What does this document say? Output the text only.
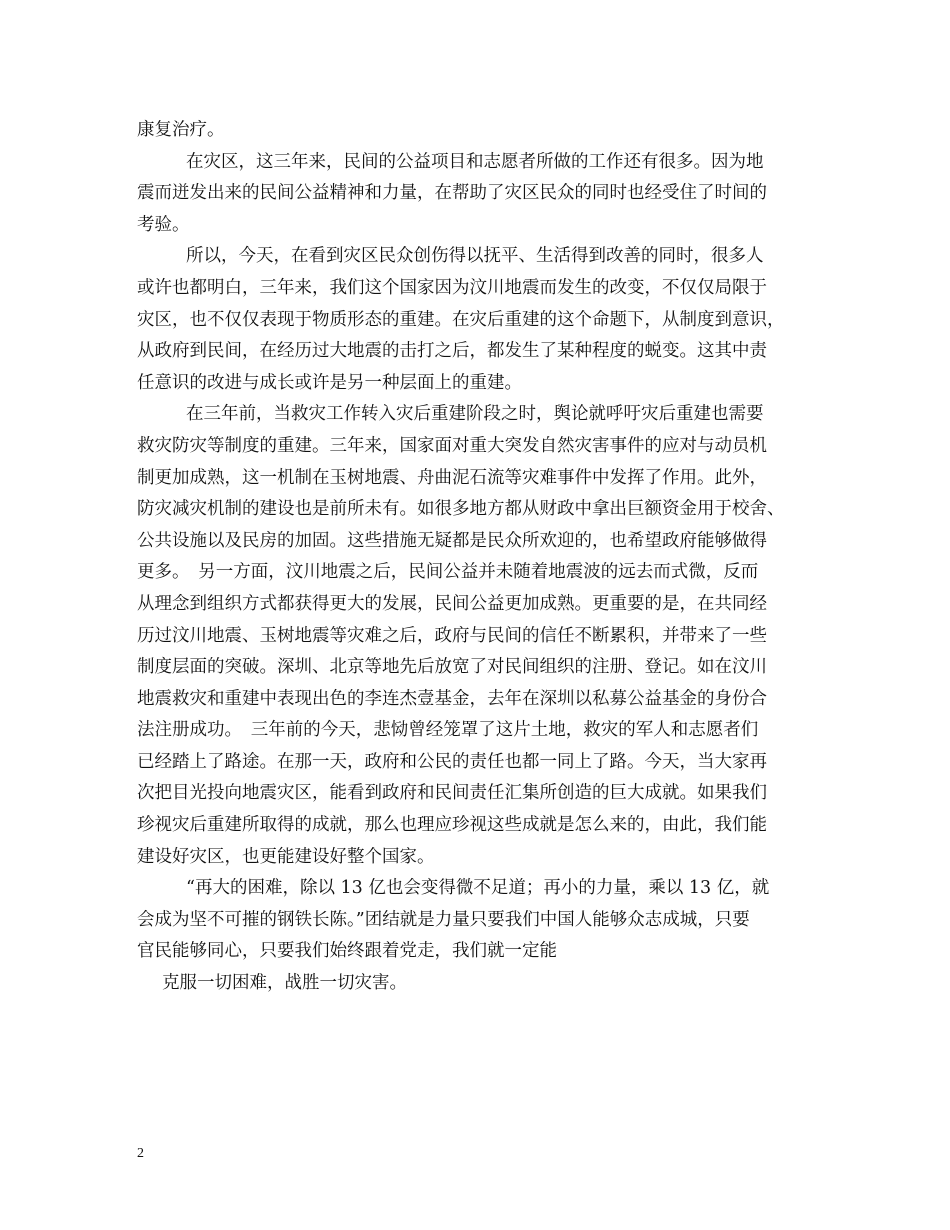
康复治疗。
在灾区，这三年来，民间的公益项目和志愿者所做的工作还有很多。因为地
震而迸发出来的民间公益精神和力量，在帮助了灾区民众的同时也经受住了时间的
考验。
所以，今天，在看到灾区民众创伤得以抚平、生活得到改善的同时，很多人
或许也都明白，三年来，我们这个国家因为汶川地震而发生的改变，不仅仅局限于
灾区，也不仅仅表现于物质形态的重建。在灾后重建的这个命题下，从制度到意识，
从政府到民间，在经历过大地震的击打之后，都发生了某种程度的蜕变。这其中责
任意识的改进与成长或许是另一种层面上的重建。
在三年前，当救灾工作转入灾后重建阶段之时，舆论就呼吁灾后重建也需要
救灾防灾等制度的重建。三年来，国家面对重大突发自然灾害事件的应对与动员机
制更加成熟，这一机制在玉树地震、舟曲泥石流等灾难事件中发挥了作用。此外，
防灾减灾机制的建设也是前所未有。如很多地方都从财政中拿出巨额资金用于校舍、
公共设施以及民房的加固。这些措施无疑都是民众所欢迎的，也希望政府能够做得
更多。　另一方面，汶川地震之后，民间公益并未随着地震波的远去而式微，反而
从理念到组织方式都获得更大的发展，民间公益更加成熟。更重要的是，在共同经
历过汶川地震、玉树地震等灾难之后，政府与民间的信任不断累积，并带来了一些
制度层面的突破。深圳、北京等地先后放宽了对民间组织的注册、登记。如在汶川
地震救灾和重建中表现出色的李连杰壹基金，去年在深圳以私募公益基金的身份合
法注册成功。　三年前的今天，悲恸曾经笼罩了这片土地，救灾的军人和志愿者们
已经踏上了路途。在那一天，政府和公民的责任也都一同上了路。今天，当大家再
次把目光投向地震灾区，能看到政府和民间责任汇集所创造的巨大成就。如果我们
珍视灾后重建所取得的成就，那么也理应珍视这些成就是怎么来的，由此，我们能
建设好灾区，也更能建设好整个国家。
“再大的困难，除以 13 亿也会变得微不足道；再小的力量，乘以 13 亿，就
会成为坚不可摧的钢铁长陈。”团结就是力量只要我们中国人能够众志成城，只要
官民能够同心，只要我们始终跟着党走，我们就一定能
克服一切困难，战胜一切灾害。
2
